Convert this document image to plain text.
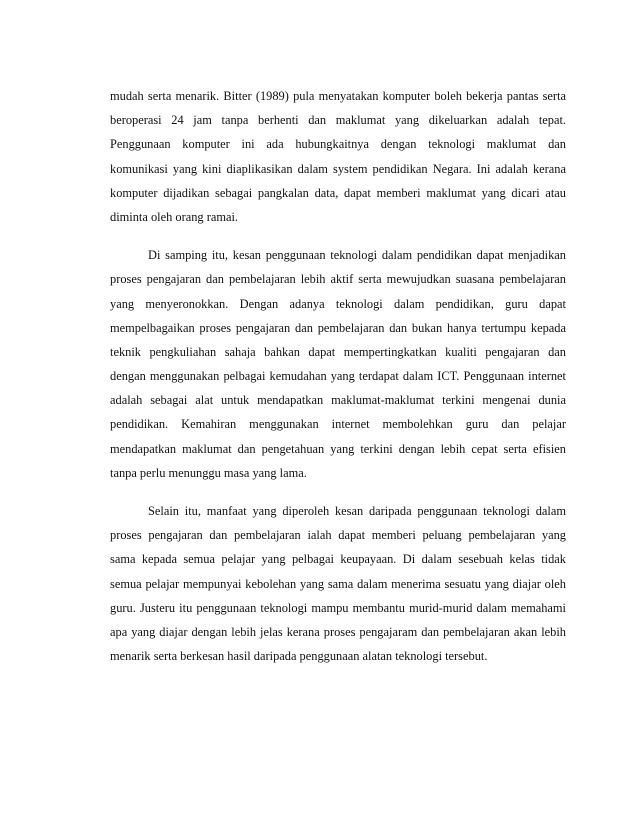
mudah serta menarik. Bitter (1989) pula menyatakan komputer boleh bekerja pantas serta
beroperasi 24 jam tanpa berhenti dan maklumat yang dikeluarkan adalah tepat.
Penggunaan komputer ini ada hubungkaitnya dengan teknologi maklumat dan
komunikasi yang kini diaplikasikan dalam system pendidikan Negara. Ini adalah kerana
komputer dijadikan sebagai pangkalan data, dapat memberi maklumat yang dicari atau
diminta oleh orang ramai.

Di samping itu, kesan penggunaan teknologi dalam pendidikan dapat menjadikan
proses pengajaran dan pembelajaran lebih aktif serta mewujudkan suasana pembelajaran
yang menyeronokkan. Dengan adanya teknologi dalam pendidikan, guru dapat
mempelbagaikan proses pengajaran dan pembelajaran dan bukan hanya tertumpu kepada
teknik pengkuliahan sahaja bahkan dapat mempertingkatkan kualiti pengajaran dan
dengan menggunakan pelbagai kemudahan yang terdapat dalam ICT. Penggunaan internet
adalah sebagai alat untuk mendapatkan maklumat-maklumat terkini mengenai dunia
pendidikan. Kemahiran menggunakan internet membolehkan guru dan pelajar
mendapatkan maklumat dan pengetahuan yang terkini dengan lebih cepat serta efisien
tanpa perlu menunggu masa yang lama.

Selain itu, manfaat yang diperoleh kesan daripada penggunaan teknologi dalam
proses pengajaran dan pembelajaran ialah dapat memberi peluang pembelajaran yang
sama kepada semua pelajar yang pelbagai keupayaan. Di dalam sesebuah kelas tidak
semua pelajar mempunyai kebolehan yang sama dalam menerima sesuatu yang diajar oleh
guru. Justeru itu penggunaan teknologi mampu membantu murid-murid dalam memahami
apa yang diajar dengan lebih jelas kerana proses pengajaram dan pembelajaran akan lebih
menarik serta berkesan hasil daripada penggunaan alatan teknologi tersebut.
